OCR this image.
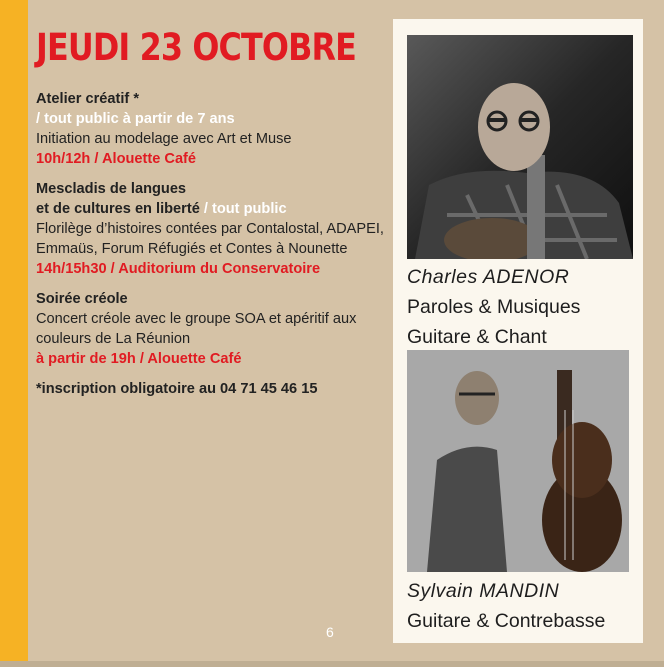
JEUDI 23 OCTOBRE
Atelier créatif *
/ tout public à partir de 7 ans
Initiation au modelage avec Art et Muse
10h/12h / Alouette Café
Mescladis de langues
et de cultures en liberté / tout public
Florilège d’histoires contées par Contalostal, ADAPEI, Emmaüs, Forum Réfugiés et Contes à Nounette
14h/15h30 / Auditorium du Conservatoire
Soirée créole
Concert créole avec le groupe SOA et apéritif aux couleurs de La Réunion
à partir de 19h / Alouette Café
*inscription obligatoire au 04 71 45 46 15
Charles ADENOR
Paroles & Musiques
Guitare & Chant
Sylvain MANDIN
Guitare & Contrebasse
6
